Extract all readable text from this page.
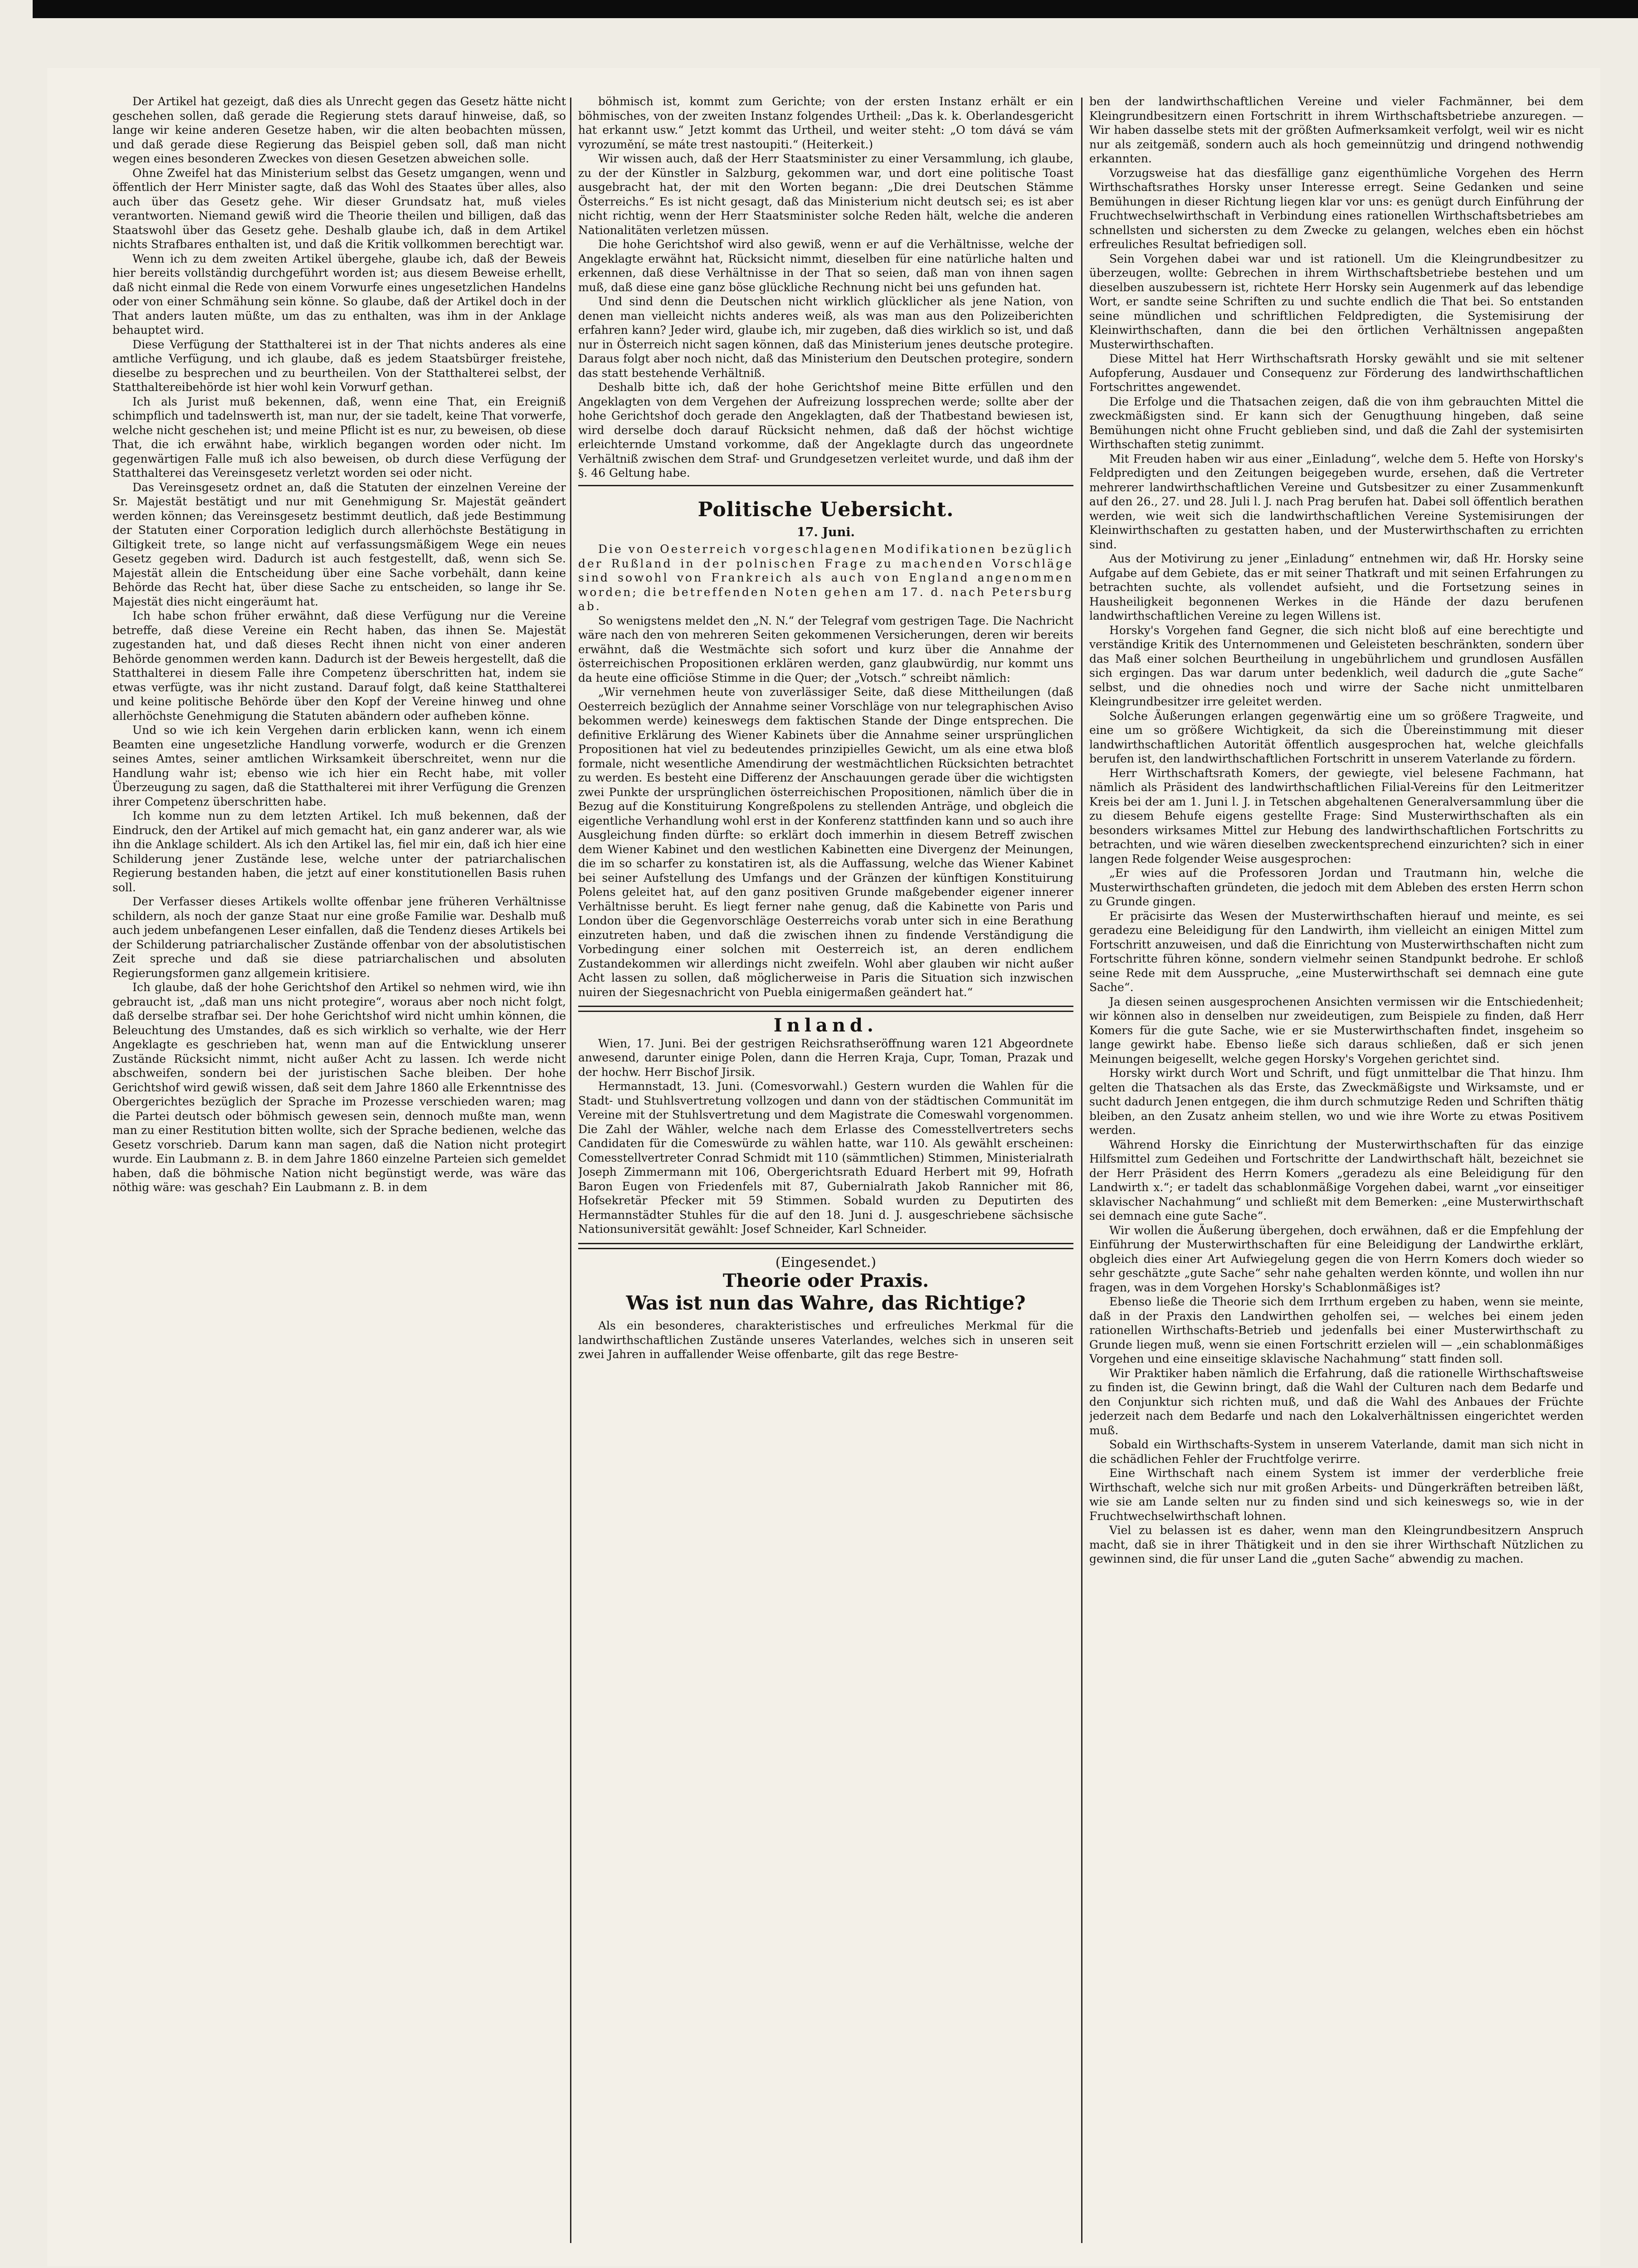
Der Artikel hat gezeigt, daß dies als Unrecht gegen das Gesetz hätte nicht geschehen sollen, daß gerade die Regierung stets darauf hinweise, daß, so lange wir keine anderen Gesetze haben, wir die alten beobachten müssen, und daß gerade diese Regierung das Beispiel geben soll, daß man nicht wegen eines besonderen Zweckes von diesen Gesetzen abweichen solle.

Ohne Zweifel hat das Ministerium selbst das Gesetz umgangen, wenn und öffentlich der Herr Minister sagte, daß das Wohl des Staates über alles, also auch über das Gesetz gehe. Wir dieser Grundsatz hat, muß vieles verantworten. Niemand gewiß wird die Theorie theilen und billigen, daß das Staatswohl über das Gesetz gehe. Deshalb glaube ich, daß in dem Artikel nichts Strafbares enthalten ist, und daß die Kritik vollkommen berechtigt war.

Wenn ich zu dem zweiten Artikel übergehe, glaube ich, daß der Beweis hier bereits vollständig durchgeführt worden ist; aus diesem Beweise erhellt, daß nicht einmal die Rede von einem Vorwurfe eines ungesetzlichen Handelns oder von einer Schmähung sein könne. So glaube, daß der Artikel doch in der That anders lauten müßte, um das zu enthalten, was ihm in der Anklage behauptet wird.

Diese Verfügung der Statthalterei ist in der That nichts anderes als eine amtliche Verfügung, und ich glaube, daß es jedem Staatsbürger freistehe, dieselbe zu besprechen und zu beurtheilen. Von der Statthalterei selbst, der Statthaltereibehörde ist hier wohl kein Vorwurf gethan.

Ich als Jurist muß bekennen, daß, wenn eine That, ein Ereigniß schimpflich und tadelnswerth ist, man nur, der sie tadelt, keine That vorwerfe, welche nicht geschehen ist; und meine Pflicht ist es nur, zu beweisen, ob diese That, die ich erwähnt habe, wirklich begangen worden oder nicht. Im gegenwärtigen Falle muß ich also beweisen, ob durch diese Verfügung der Statthalterei das Vereinsgesetz verletzt worden sei oder nicht.

Das Vereinsgesetz ordnet an, daß die Statuten der einzelnen Vereine der Sr. Majestät bestätigt und nur mit Genehmigung Sr. Majestät geändert werden können; das Vereinsgesetz bestimmt deutlich, daß jede Bestimmung der Statuten einer Corporation lediglich durch allerhöchste Bestätigung in Giltigkeit trete, so lange nicht auf verfassungsmäßigem Wege ein neues Gesetz gegeben wird. Dadurch ist auch festgestellt, daß, wenn sich Se. Majestät allein die Entscheidung über eine Sache vorbehält, dann keine Behörde das Recht hat, über diese Sache zu entscheiden, so lange ihr Se. Majestät dies nicht eingeräumt hat.

Ich habe schon früher erwähnt, daß diese Verfügung nur die Vereine betreffe, daß diese Vereine ein Recht haben, das ihnen Se. Majestät zugestanden hat, und daß dieses Recht ihnen nicht von einer anderen Behörde genommen werden kann. Dadurch ist der Beweis hergestellt, daß die Statthalterei in diesem Falle ihre Competenz überschritten hat, indem sie etwas verfügte, was ihr nicht zustand. Darauf folgt, daß keine Statthalterei und keine politische Behörde über den Kopf der Vereine hinweg und ohne allerhöchste Genehmigung die Statuten abändern oder aufheben könne.

Und so wie ich kein Vergehen darin erblicken kann, wenn ich einem Beamten eine ungesetzliche Handlung vorwerfe, wodurch er die Grenzen seines Amtes, seiner amtlichen Wirksamkeit überschreitet, wenn nur die Handlung wahr ist; ebenso wie ich hier ein Recht habe, mit voller Überzeugung zu sagen, daß die Statthalterei mit ihrer Verfügung die Grenzen ihrer Competenz überschritten habe.

Ich komme nun zu dem letzten Artikel. Ich muß bekennen, daß der Eindruck, den der Artikel auf mich gemacht hat, ein ganz anderer war, als wie ihn die Anklage schildert. Als ich den Artikel las, fiel mir ein, daß ich hier eine Schilderung jener Zustände lese, welche unter der patriarchalischen Regierung bestanden haben, die jetzt auf einer konstitutionellen Basis ruhen soll.

Der Verfasser dieses Artikels wollte offenbar jene früheren Verhältnisse schildern, als noch der ganze Staat nur eine große Familie war. Deshalb muß auch jedem unbefangenen Leser einfallen, daß die Tendenz dieses Artikels bei der Schilderung patriarchalischer Zustände offenbar von der absolutistischen Zeit spreche und daß sie diese patriarchalischen und absoluten Regierungsformen ganz allgemein kritisiere.

Ich glaube, daß der hohe Gerichtshof den Artikel so nehmen wird, wie ihn gebraucht ist, „daß man uns nicht protegire“, woraus aber noch nicht folgt, daß derselbe strafbar sei. Der hohe Gerichtshof wird nicht umhin können, die Beleuchtung des Umstandes, daß es sich wirklich so verhalte, wie der Herr Angeklagte es geschrieben hat, wenn man auf die Entwicklung unserer Zustände Rücksicht nimmt, nicht außer Acht zu lassen. Ich werde nicht abschweifen, sondern bei der juristischen Sache bleiben. Der hohe Gerichtshof wird gewiß wissen, daß seit dem Jahre 1860 alle Erkenntnisse des Obergerichtes bezüglich der Sprache im Prozesse verschieden waren; mag die Partei deutsch oder böhmisch gewesen sein, dennoch mußte man, wenn man zu einer Restitution bitten wollte, sich der Sprache bedienen, welche das Gesetz vorschrieb. Darum kann man sagen, daß die Nation nicht protegirt wurde. Ein Laubmann z. B. in dem Jahre 1860 einzelne Parteien sich gemeldet haben, daß die böhmische Nation nicht begünstigt werde, was wäre das nöthig wäre: was geschah? Ein Laubmann z. B. in dem

böhmisch ist, kommt zum Gerichte; von der ersten Instanz erhält er ein böhmisches, von der zweiten Instanz folgendes Urtheil: „Das k. k. Oberlandesgericht hat erkannt usw.“ Jetzt kommt das Urtheil, und weiter steht: „O tom dává se vám vyrozumění, se máte trest nastoupiti.“ (Heiterkeit.)

Wir wissen auch, daß der Herr Staatsminister zu einer Versammlung, ich glaube, zu der der Künstler in Salzburg, gekommen war, und dort eine politische Toast ausgebracht hat, der mit den Worten begann: „Die drei Deutschen Stämme Österreichs.“ Es ist nicht gesagt, daß das Ministerium nicht deutsch sei; es ist aber nicht richtig, wenn der Herr Staatsminister solche Reden hält, welche die anderen Nationalitäten verletzen müssen.

Die hohe Gerichtshof wird also gewiß, wenn er auf die Verhältnisse, welche der Angeklagte erwähnt hat, Rücksicht nimmt, dieselben für eine natürliche halten und erkennen, daß diese Verhältnisse in der That so seien, daß man von ihnen sagen muß, daß diese eine ganz böse glückliche Rechnung nicht bei uns gefunden hat.

Und sind denn die Deutschen nicht wirklich glücklicher als jene Nation, von denen man vielleicht nichts anderes weiß, als was man aus den Polizeiberichten erfahren kann? Jeder wird, glaube ich, mir zugeben, daß dies wirklich so ist, und daß nur in Österreich nicht sagen können, daß das Ministerium jenes deutsche protegire. Daraus folgt aber noch nicht, daß das Ministerium den Deutschen protegire, sondern das statt bestehende Verhältniß.

Deshalb bitte ich, daß der hohe Gerichtshof meine Bitte erfüllen und den Angeklagten von dem Vergehen der Aufreizung lossprechen werde; sollte aber der hohe Gerichtshof doch gerade den Angeklagten, daß der Thatbestand bewiesen ist, wird derselbe doch darauf Rücksicht nehmen, daß daß der höchst wichtige erleichternde Umstand vorkomme, daß der Angeklagte durch das ungeordnete Verhältniß zwischen dem Straf- und Grundgesetzen verleitet wurde, und daß ihm der §. 46 Geltung habe.

Politische Uebersicht.
17. Juni.

Die von Oesterreich vorgeschlagenen Modifikationen bezüglich der Rußland in der polnischen Frage zu machenden Vorschläge sind sowohl von Frankreich als auch von England angenommen worden; die betreffenden Noten gehen am 17. d. nach Petersburg ab.

So wenigstens meldet den „N. N.“ der Telegraf vom gestrigen Tage. Die Nachricht wäre nach den von mehreren Seiten gekommenen Versicherungen, deren wir bereits erwähnt, daß die Westmächte sich sofort und kurz über die Annahme der österreichischen Propositionen erklären werden, ganz glaubwürdig, nur kommt uns da heute eine officiöse Stimme in die Quer; der „Votsch.“ schreibt nämlich:

„Wir vernehmen heute von zuverlässiger Seite, daß diese Mittheilungen (daß Oesterreich bezüglich der Annahme seiner Vorschläge von nur telegraphischen Aviso bekommen werde) keineswegs dem faktischen Stande der Dinge entsprechen. Die definitive Erklärung des Wiener Kabinets über die Annahme seiner ursprünglichen Propositionen hat viel zu bedeutendes prinzipielles Gewicht, um als eine etwa bloß formale, nicht wesentliche Amendirung der westmächtlichen Rücksichten betrachtet zu werden. Es besteht eine Differenz der Anschauungen gerade über die wichtigsten zwei Punkte der ursprünglichen österreichischen Propositionen, nämlich über die in Bezug auf die Konstituirung Kongreßpolens zu stellenden Anträge, und obgleich die eigentliche Verhandlung wohl erst in der Konferenz stattfinden kann und so auch ihre Ausgleichung finden dürfte: so erklärt doch immerhin in diesem Betreff zwischen dem Wiener Kabinet und den westlichen Kabinetten eine Divergenz der Meinungen, die im so scharfer zu konstatiren ist, als die Auffassung, welche das Wiener Kabinet bei seiner Aufstellung des Umfangs und der Gränzen der künftigen Konstituirung Polens geleitet hat, auf den ganz positiven Grunde maßgebender eigener innerer Verhältnisse beruht. Es liegt ferner nahe genug, daß die Kabinette von Paris und London über die Gegenvorschläge Oesterreichs vorab unter sich in eine Berathung einzutreten haben, und daß die zwischen ihnen zu findende Verständigung die Vorbedingung einer solchen mit Oesterreich ist, an deren endlichem Zustandekommen wir allerdings nicht zweifeln. Wohl aber glauben wir nicht außer Acht lassen zu sollen, daß möglicherweise in Paris die Situation sich inzwischen nuiren der Siegesnachricht von Puebla einigermaßen geändert hat.“

Inland.

Wien, 17. Juni. Bei der gestrigen Reichsrathseröffnung waren 121 Abgeordnete anwesend, darunter einige Polen, dann die Herren Kraja, Cupr, Toman, Prazak und der hochw. Herr Bischof Jirsik.

Hermannstadt, 13. Juni. (Comesvorwahl.) Gestern wurden die Wahlen für die Stadt- und Stuhlsvertretung vollzogen und dann von der städtischen Communität im Vereine mit der Stuhlsvertretung und dem Magistrate die Comeswahl vorgenommen. Die Zahl der Wähler, welche nach dem Erlasse des Comesstellvertreters sechs Candidaten für die Comeswürde zu wählen hatte, war 110. Als gewählt erscheinen: Comesstellvertreter Conrad Schmidt mit 110 (sämmtlichen) Stimmen, Ministerialrath Joseph Zimmermann mit 106, Obergerichtsrath Eduard Herbert mit 99, Hofrath Baron Eugen von Friedenfels mit 87, Gubernialrath Jakob Rannicher mit 86, Hofsekretär Pfecker mit 59 Stimmen. Sobald wurden zu Deputirten des Hermannstädter Stuhles für die auf den 18. Juni d. J. ausgeschriebene sächsische Nationsuniversität gewählt: Josef Schneider, Karl Schneider.

(Eingesendet.)
Theorie oder Praxis.
Was ist nun das Wahre, das Richtige?

Als ein besonderes, charakteristisches und erfreuliches Merkmal für die landwirthschaftlichen Zustände unseres Vaterlandes, welches sich in unseren seit zwei Jahren in auffallender Weise offenbarte, gilt das rege Bestre-

ben der landwirthschaftlichen Vereine und vieler Fachmänner, bei dem Kleingrundbesitzern einen Fortschritt in ihrem Wirthschaftsbetriebe anzuregen. — Wir haben dasselbe stets mit der größten Aufmerksamkeit verfolgt, weil wir es nicht nur als zeitgemäß, sondern auch als hoch gemeinnützig und dringend nothwendig erkannten.

Vorzugsweise hat das diesfällige ganz eigenthümliche Vorgehen des Herrn Wirthschaftsrathes Horsky unser Interesse erregt. Seine Gedanken und seine Bemühungen in dieser Richtung liegen klar vor uns: es genügt durch Einführung der Fruchtwechselwirthschaft in Verbindung eines rationellen Wirthschaftsbetriebes am schnellsten und sichersten zu dem Zwecke zu gelangen, welches eben ein höchst erfreuliches Resultat befriedigen soll.

Sein Vorgehen dabei war und ist rationell. Um die Kleingrundbesitzer zu überzeugen, wollte: Gebrechen in ihrem Wirthschaftsbetriebe bestehen und um dieselben auszubessern ist, richtete Herr Horsky sein Augenmerk auf das lebendige Wort, er sandte seine Schriften zu und suchte endlich die That bei. So entstanden seine mündlichen und schriftlichen Feldpredigten, die Systemisirung der Kleinwirthschaften, dann die bei den örtlichen Verhältnissen angepaßten Musterwirthschaften.

Diese Mittel hat Herr Wirthschaftsrath Horsky gewählt und sie mit seltener Aufopferung, Ausdauer und Consequenz zur Förderung des landwirthschaftlichen Fortschrittes angewendet.

Die Erfolge und die Thatsachen zeigen, daß die von ihm gebrauchten Mittel die zweckmäßigsten sind. Er kann sich der Genugthuung hingeben, daß seine Bemühungen nicht ohne Frucht geblieben sind, und daß die Zahl der systemisirten Wirthschaften stetig zunimmt.

Mit Freuden haben wir aus einer „Einladung“, welche dem 5. Hefte von Horsky's Feldpredigten und den Zeitungen beigegeben wurde, ersehen, daß die Vertreter mehrerer landwirthschaftlichen Vereine und Gutsbesitzer zu einer Zusammenkunft auf den 26., 27. und 28. Juli l. J. nach Prag berufen hat. Dabei soll öffentlich berathen werden, wie weit sich die landwirthschaftlichen Vereine Systemisirungen der Kleinwirthschaften zu gestatten haben, und der Musterwirthschaften zu errichten sind.

Aus der Motivirung zu jener „Einladung“ entnehmen wir, daß Hr. Horsky seine Aufgabe auf dem Gebiete, das er mit seiner Thatkraft und mit seinen Erfahrungen zu betrachten suchte, als vollendet aufsieht, und die Fortsetzung seines in Hausheiligkeit begonnenen Werkes in die Hände der dazu berufenen landwirthschaftlichen Vereine zu legen Willens ist.

Horsky's Vorgehen fand Gegner, die sich nicht bloß auf eine berechtigte und verständige Kritik des Unternommenen und Geleisteten beschränkten, sondern über das Maß einer solchen Beurtheilung in ungebührlichem und grundlosen Ausfällen sich ergingen. Das war darum unter bedenklich, weil dadurch die „gute Sache“ selbst, und die ohnedies noch und wirre der Sache nicht unmittelbaren Kleingrundbesitzer irre geleitet werden.

Solche Äußerungen erlangen gegenwärtig eine um so größere Tragweite, und eine um so größere Wichtigkeit, da sich die Übereinstimmung mit dieser landwirthschaftlichen Autorität öffentlich ausgesprochen hat, welche gleichfalls berufen ist, den landwirthschaftlichen Fortschritt in unserem Vaterlande zu fördern.

Herr Wirthschaftsrath Komers, der gewiegte, viel belesene Fachmann, hat nämlich als Präsident des landwirthschaftlichen Filial-Vereins für den Leitmeritzer Kreis bei der am 1. Juni l. J. in Tetschen abgehaltenen Generalversammlung über die zu diesem Behufe eigens gestellte Frage: Sind Musterwirthschaften als ein besonders wirksames Mittel zur Hebung des landwirthschaftlichen Fortschritts zu betrachten, und wie wären dieselben zweckentsprechend einzurichten? sich in einer langen Rede folgender Weise ausgesprochen:

„Er wies auf die Professoren Jordan und Trautmann hin, welche die Musterwirthschaften gründeten, die jedoch mit dem Ableben des ersten Herrn schon zu Grunde gingen.

Er präcisirte das Wesen der Musterwirthschaften hierauf und meinte, es sei geradezu eine Beleidigung für den Landwirth, ihm vielleicht an einigen Mittel zum Fortschritt anzuweisen, und daß die Einrichtung von Musterwirthschaften nicht zum Fortschritte führen könne, sondern vielmehr seinen Standpunkt bedrohe. Er schloß seine Rede mit dem Ausspruche, „eine Musterwirthschaft sei demnach eine gute Sache“.

Ja diesen seinen ausgesprochenen Ansichten vermissen wir die Entschiedenheit; wir können also in denselben nur zweideutigen, zum Beispiele zu finden, daß Herr Komers für die gute Sache, wie er sie Musterwirthschaften findet, insgeheim so lange gewirkt habe. Ebenso ließe sich daraus schließen, daß er sich jenen Meinungen beigesellt, welche gegen Horsky's Vorgehen gerichtet sind.

Horsky wirkt durch Wort und Schrift, und fügt unmittelbar die That hinzu. Ihm gelten die Thatsachen als das Erste, das Zweckmäßigste und Wirksamste, und er sucht dadurch Jenen entgegen, die ihm durch schmutzige Reden und Schriften thätig bleiben, an den Zusatz anheim stellen, wo und wie ihre Worte zu etwas Positivem werden.

Während Horsky die Einrichtung der Musterwirthschaften für das einzige Hilfsmittel zum Gedeihen und Fortschritte der Landwirthschaft hält, bezeichnet sie der Herr Präsident des Herrn Komers „geradezu als eine Beleidigung für den Landwirth x.“; er tadelt das schablonmäßige Vorgehen dabei, warnt „vor einseitiger sklavischer Nachahmung“ und schließt mit dem Bemerken: „eine Musterwirthschaft sei demnach eine gute Sache“.

Wir wollen die Äußerung übergehen, doch erwähnen, daß er die Empfehlung der Einführung der Musterwirthschaften für eine Beleidigung der Landwirthe erklärt, obgleich dies einer Art Aufwiegelung gegen die von Herrn Komers doch wieder so sehr geschätzte „gute Sache“ sehr nahe gehalten werden könnte, und wollen ihn nur fragen, was in dem Vorgehen Horsky's Schablonmäßiges ist?

Ebenso ließe die Theorie sich dem Irrthum ergeben zu haben, wenn sie meinte, daß in der Praxis den Landwirthen geholfen sei, — welches bei einem jeden rationellen Wirthschafts-Betrieb und jedenfalls bei einer Musterwirthschaft zu Grunde liegen muß, wenn sie einen Fortschritt erzielen will — „ein schablonmäßiges Vorgehen und eine einseitige sklavische Nachahmung“ statt finden soll.

Wir Praktiker haben nämlich die Erfahrung, daß die rationelle Wirthschaftsweise zu finden ist, die Gewinn bringt, daß die Wahl der Culturen nach dem Bedarfe und den Conjunktur sich richten muß, und daß die Wahl des Anbaues der Früchte jederzeit nach dem Bedarfe und nach den Lokalverhältnissen eingerichtet werden muß.

Sobald ein Wirthschafts-System in unserem Vaterlande, damit man sich nicht in die schädlichen Fehler der Fruchtfolge verirre.

Eine Wirthschaft nach einem System ist immer der verderbliche freie Wirthschaft, welche sich nur mit großen Arbeits- und Düngerkräften betreiben läßt, wie sie am Lande selten nur zu finden sind und sich keineswegs so, wie in der Fruchtwechselwirthschaft lohnen.

Viel zu belassen ist es daher, wenn man den Kleingrundbesitzern Anspruch macht, daß sie in ihrer Thätigkeit und in den sie ihrer Wirthschaft Nützlichen zu gewinnen sind, die für unser Land die „guten Sache“ abwendig zu machen.
